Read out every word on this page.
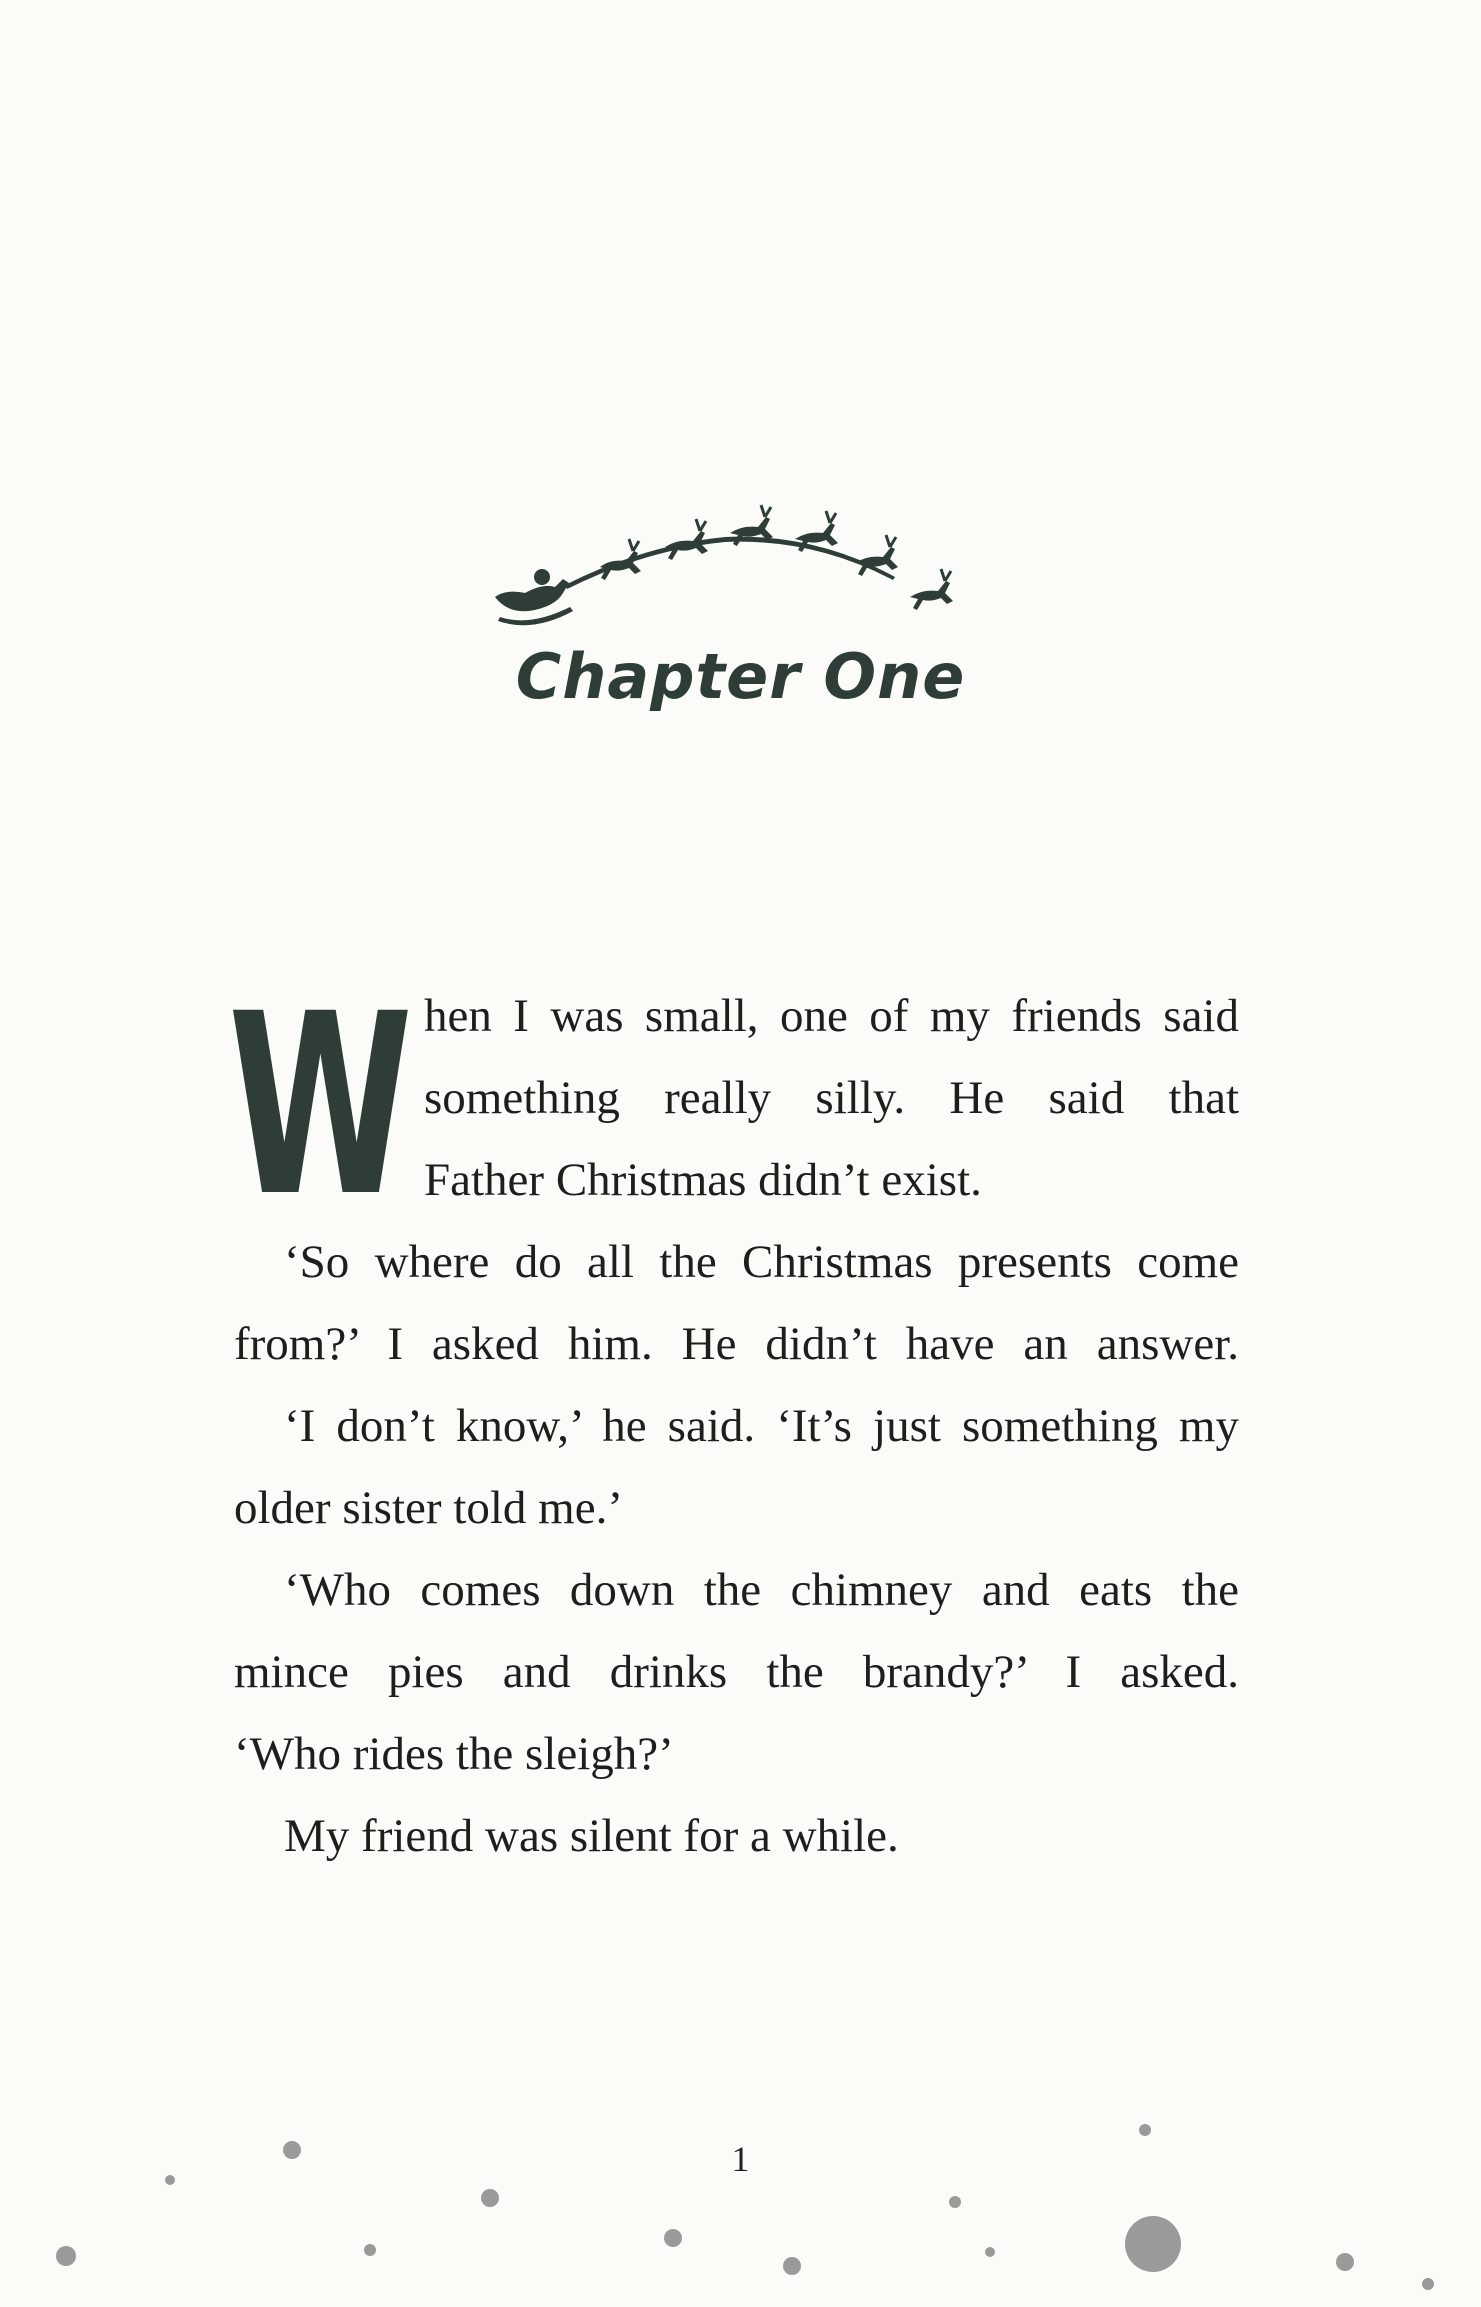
Chapter One
W hen I was small, one of my friends said
something really silly. He said that
Father Christmas didn’t exist.
‘So where do all the Christmas presents come
from?’ I asked him. He didn’t have an answer.
‘I don’t know,’ he said. ‘It’s just something my
older sister told me.’
‘Who comes down the chimney and eats the
mince pies and drinks the brandy?’ I asked.
‘Who rides the sleigh?’
My friend was silent for a while.
1
